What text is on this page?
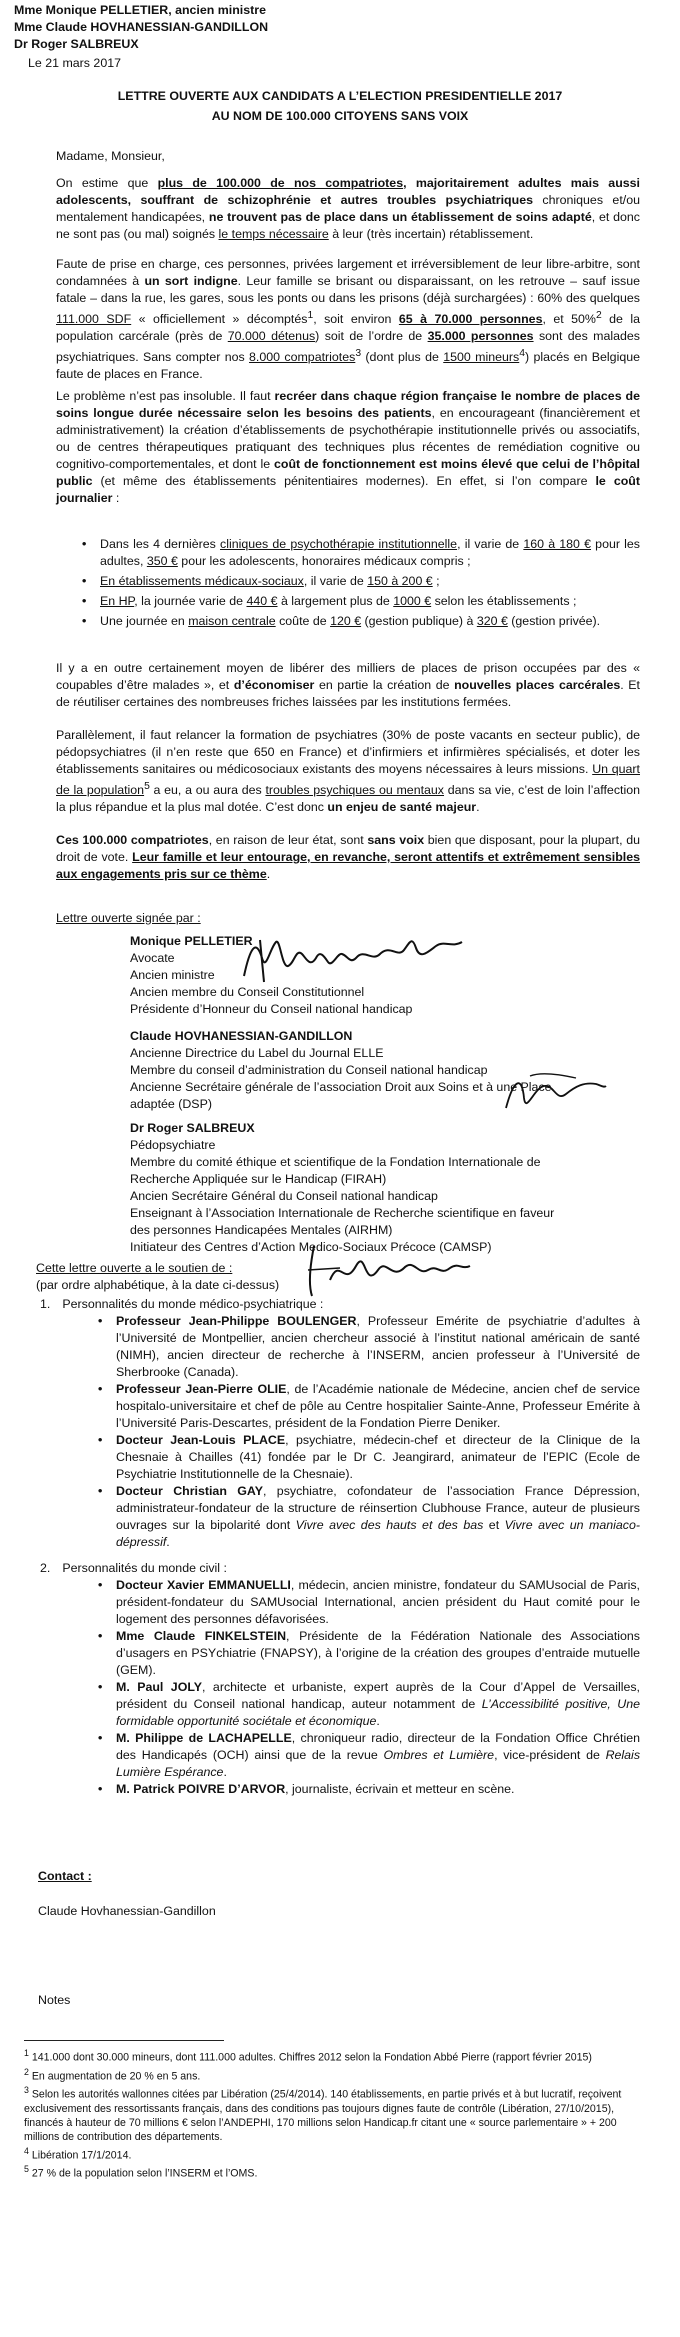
Mme Monique PELLETIER, ancien ministre
Mme Claude HOVHANESSIAN-GANDILLON
Dr Roger SALBREUX
Le 21 mars 2017
LETTRE OUVERTE AUX CANDIDATS A L’ELECTION PRESIDENTIELLE 2017
AU NOM DE 100.000 CITOYENS SANS VOIX
Madame, Monsieur,

On estime que plus de 100.000 de nos compatriotes, majoritairement adultes mais aussi adolescents, souffrant de schizophrénie et autres troubles psychiatriques chroniques et/ou mentalement handicapées, ne trouvent pas de place dans un établissement de soins adapté, et donc ne sont pas (ou mal) soignés le temps nécessaire à leur (très incertain) rétablissement.

Faute de prise en charge, ces personnes, privées largement et irréversiblement de leur libre-arbitre, sont condamnées à un sort indigne. Leur famille se brisant ou disparaissant, on les retrouve – sauf issue fatale – dans la rue, les gares, sous les ponts ou dans les prisons (déjà surchargées) : 60% des quelques 111.000 SDF « officiellement » décomptés$^1$, soit environ 65 à 70.000 personnes, et 50%$^2$ de la population carcérale (près de 70.000 détenus) soit de l’ordre de 35.000 personnes sont des malades psychiatriques. Sans compter nos 8.000 compatriotes$^3$ (dont plus de 1500 mineurs$^4$) placés en Belgique faute de places en France.

Le problème n’est pas insoluble. Il faut recréer dans chaque région française le nombre de places de soins longue durée nécessaire selon les besoins des patients, en encourageant (financièrement et administrativement) la création d’établissements de psychothérapie institutionnelle privés ou associatifs, ou de centres thérapeutiques pratiquant des techniques plus récentes de remédiation cognitive ou cognitivo-comportementales, et dont le coût de fonctionnement est moins élevé que celui de l’hôpital public (et même des établissements pénitentiaires modernes). En effet, si l’on compare le coût journalier :

• Dans les 4 dernières cliniques de psychothérapie institutionnelle, il varie de 160 à 180 € pour les adultes, 350 € pour les adolescents, honoraires médicaux compris ;
• En établissements médicaux-sociaux, il varie de 150 à 200 € ;
• En HP, la journée varie de 440 € à largement plus de 1000 € selon les établissements ;
• Une journée en maison centrale coûte de 120 € (gestion publique) à 320 € (gestion privée).

Il y a en outre certainement moyen de libérer des milliers de places de prison occupées par des « coupables d’être malades », et d’économiser en partie la création de nouvelles places carcérales. Et de réutiliser certaines des nombreuses friches laissées par les institutions fermées.

Parallèlement, il faut relancer la formation de psychiatres (30% de poste vacants en secteur public), de pédopsychiatres (il n’en reste que 650 en France) et d’infirmiers et infirmières spécialisés, et doter les établissements sanitaires ou médicosociaux existants des moyens nécessaires à leurs missions. Un quart de la population$^5$ a eu, a ou aura des troubles psychiques ou mentaux dans sa vie, c’est de loin l’affection la plus répandue et la plus mal dotée. C’est donc un enjeu de santé majeur.

Ces 100.000 compatriotes, en raison de leur état, sont sans voix bien que disposant, pour la plupart, du droit de vote. Leur famille et leur entourage, en revanche, seront attentifs et extrêmement sensibles aux engagements pris sur ce thème.

Lettre ouverte signée par :
Monique PELLETIER
Avocate
Ancien ministre
Ancien membre du Conseil Constitutionnel
Présidente d’Honneur du Conseil national handicap
Claude HOVHANESSIAN-GANDILLON
Ancienne Directrice du Label du Journal ELLE
Membre du conseil d’administration du Conseil national handicap
Ancienne Secrétaire générale de l’association Droit aux Soins et à une Place
adaptée (DSP)
Dr Roger SALBREUX
Pédopsychiatre
Membre du comité éthique et scientifique de la Fondation Internationale de
Recherche Appliquée sur le Handicap (FIRAH)
Ancien Secrétaire Général du Conseil national handicap
Enseignant à l’Association Internationale de Recherche scientifique en faveur
des personnes Handicapées Mentales (AIRHM)
Initiateur des Centres d’Action Medico-Sociaux Précoce (CAMSP)
Cette lettre ouverte a le soutien de :
(par ordre alphabétique, à la date ci-dessus)
1. Personnalités du monde médico-psychiatrique :
• Professeur Jean-Philippe BOULENGER, Professeur Emérite de psychiatrie d’adultes à l’Université de Montpellier, ancien chercheur associé à l’institut national américain de santé (NIMH), ancien directeur de recherche à l’INSERM, ancien professeur à l’Université de Sherbrooke (Canada).
• Professeur Jean-Pierre OLIE, de l’Académie nationale de Médecine, ancien chef de service hospitalo-universitaire et chef de pôle au Centre hospitalier Sainte-Anne, Professeur Emérite à l’Université Paris-Descartes, président de la Fondation Pierre Deniker.
• Docteur Jean-Louis PLACE, psychiatre, médecin-chef et directeur de la Clinique de la Chesnaie à Chailles (41) fondée par le Dr C. Jeangirard, animateur de l’EPIC (Ecole de Psychiatrie Institutionnelle de la Chesnaie).
• Docteur Christian GAY, psychiatre, cofondateur de l’association France Dépression, administrateur-fondateur de la structure de réinsertion Clubhouse France, auteur de plusieurs ouvrages sur la bipolarité dont Vivre avec des hauts et des bas et Vivre avec un maniaco-dépressif.
2. Personnalités du monde civil :
• Docteur Xavier EMMANUELLI, médecin, ancien ministre, fondateur du SAMUsocial de Paris, président-fondateur du SAMUsocial International, ancien président du Haut comité pour le logement des personnes défavorisées.
• Mme Claude FINKELSTEIN, Présidente de la Fédération Nationale des Associations d’usagers en PSYchiatrie (FNAPSY), à l’origine de la création des groupes d’entraide mutuelle (GEM).
• M. Paul JOLY, architecte et urbaniste, expert auprès de la Cour d’Appel de Versailles, président du Conseil national handicap, auteur notamment de L’Accessibilité positive, Une formidable opportunité sociétale et économique.
• M. Philippe de LACHAPELLE, chroniqueur radio, directeur de la Fondation Office Chrétien des Handicapés (OCH) ainsi que de la revue Ombres et Lumière, vice-président de Relais Lumière Espérance.
• M. Patrick POIVRE D’ARVOR, journaliste, écrivain et metteur en scène.
Contact :
Claude Hovhanessian-Gandillon
Notes
$^1$ 141.000 dont 30.000 mineurs, dont 111.000 adultes. Chiffres 2012 selon la Fondation Abbé Pierre (rapport février 2015)
$^2$ En augmentation de 20 % en 5 ans.
$^3$ Selon les autorités wallonnes citées par Libération (25/4/2014). 140 établissements, en partie privés et à but lucratif, reçoivent exclusivement des ressortissants français, dans des conditions pas toujours dignes faute de contrôle (Libération, 27/10/2015), financés à hauteur de 70 millions € selon l’ANDEPHI, 170 millions selon Handicap.fr citant une « source parlementaire » + 200 millions de contribution des départements.
$^4$ Libération 17/1/2014.
$^5$ 27 % de la population selon l’INSERM et l’OMS.
